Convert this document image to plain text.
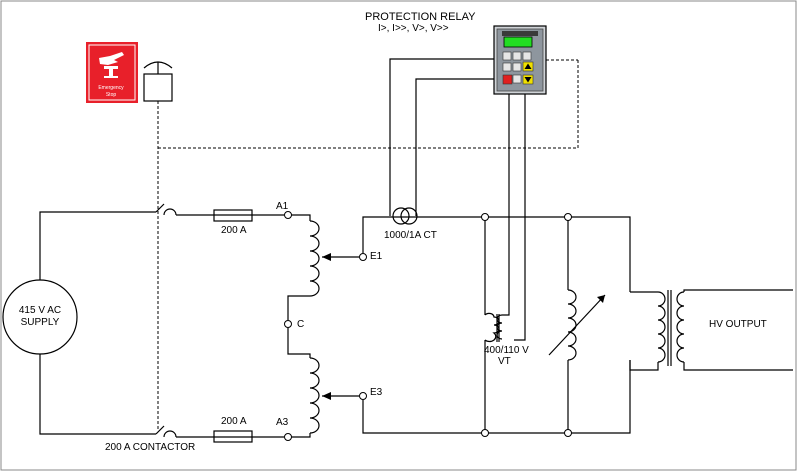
PROTECTION RELAY
I>, I>>, V>, V>>
Emergency
Stop
415 V AC
SUPPLY
200 A CONTACTOR
200 A
200 A
A1
A3
E1
C
E3
1000/1A CT
400/110 V
VT
HV OUTPUT
